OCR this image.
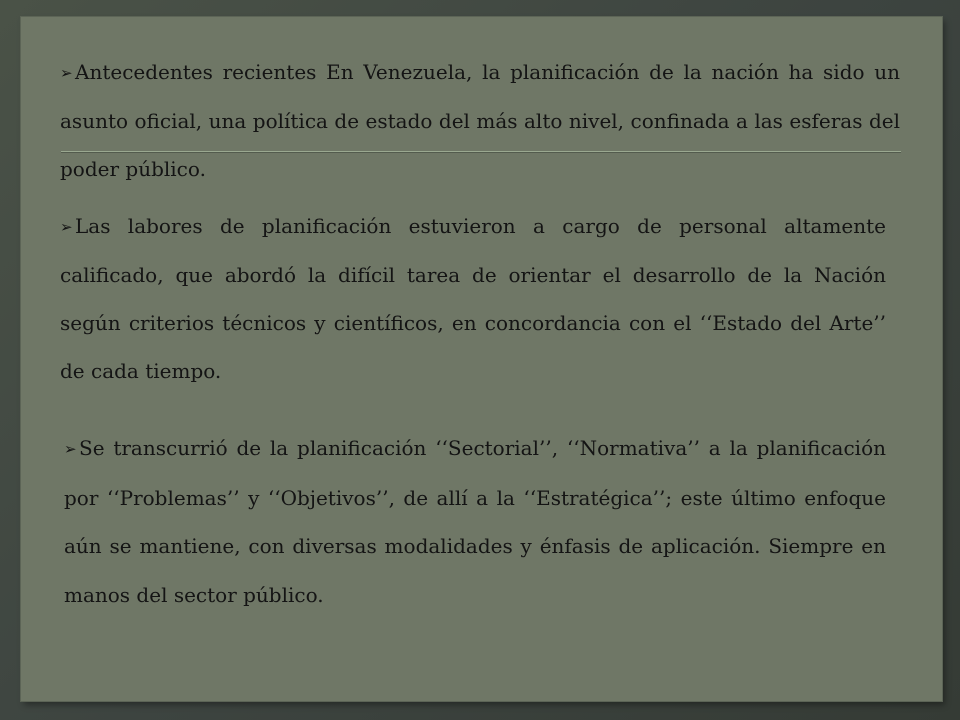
➢ Antecedentes recientes En Venezuela, la planificación de la nación ha sido un asunto oficial, una política de estado del más alto nivel, confinada a las esferas del poder público.

➢ Las labores de planificación estuvieron a cargo de personal altamente calificado, que abordó la difícil tarea de orientar el desarrollo de la Nación según criterios técnicos y científicos, en concordancia con el ‘‘Estado del Arte’’ de cada tiempo.

➢ Se transcurrió de la planificación ‘‘Sectorial’’, ‘‘Normativa’’ a la planificación por ‘‘Problemas’’ y ‘‘Objetivos’’, de allí a la ‘‘Estratégica’’; este último enfoque aún se mantiene, con diversas modalidades y énfasis de aplicación. Siempre en manos del sector público.
